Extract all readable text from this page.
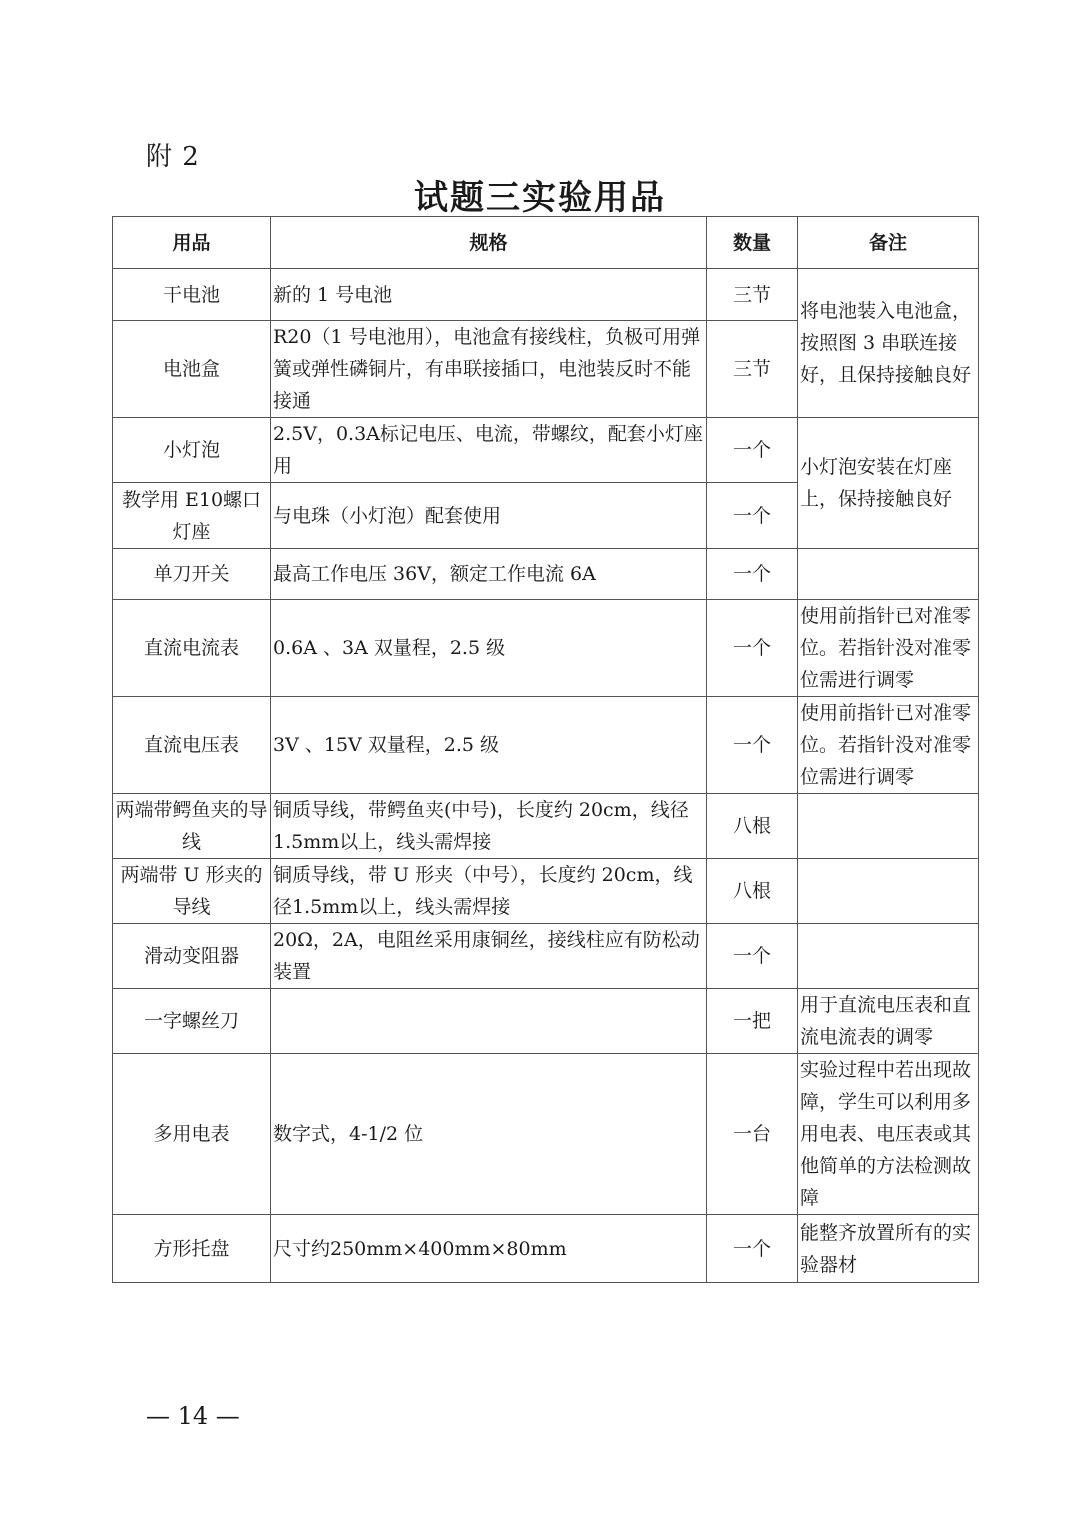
附 2
试题三实验用品
用品	规格	数量	备注
干电池	新的 1 号电池	三节	将电池装入电池盒，按照图 3 串联连接好，且保持接触良好
电池盒	R20（1 号电池用），电池盒有接线柱，负极可用弹簧或弹性磷铜片，有串联接插口，电池装反时不能接通	三节	
小灯泡	2.5V，0.3A标记电压、电流，带螺纹，配套小灯座用	一个	小灯泡安装在灯座上，保持接触良好
教学用 E10螺口灯座	与电珠（小灯泡）配套使用	一个	
单刀开关	最高工作电压 36V，额定工作电流 6A	一个	
直流电流表	0.6A 、3A 双量程，2.5 级	一个	使用前指针已对准零位。若指针没对准零位需进行调零
直流电压表	3V 、15V 双量程，2.5 级	一个	使用前指针已对准零位。若指针没对准零位需进行调零
两端带鳄鱼夹的导线	铜质导线，带鳄鱼夹(中号)，长度约 20cm，线径1.5mm以上，线头需焊接	八根	
两端带 U 形夹的导线	铜质导线，带 U 形夹（中号），长度约 20cm，线径1.5mm以上，线头需焊接	八根	
滑动变阻器	20Ω，2A，电阻丝采用康铜丝，接线柱应有防松动装置	一个	
一字螺丝刀		一把	用于直流电压表和直流电流表的调零
多用电表	数字式，4-1/2 位	一台	实验过程中若出现故障，学生可以利用多用电表、电压表或其他简单的方法检测故障
方形托盘	尺寸约250mm×400mm×80mm	一个	能整齐放置所有的实验器材
— 14 —
